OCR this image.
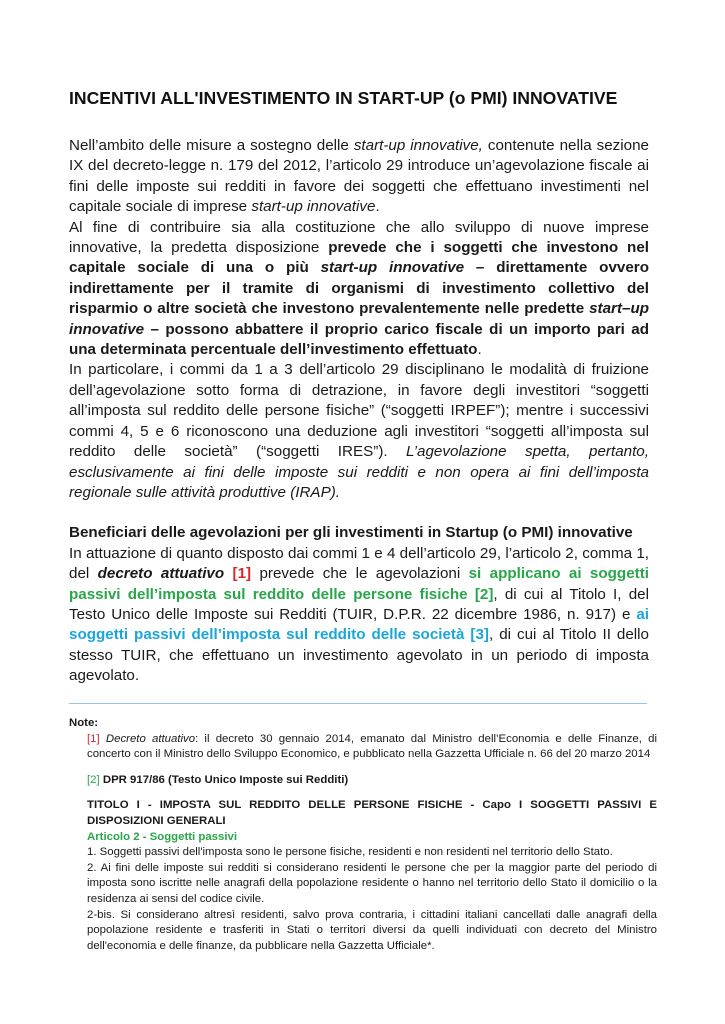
INCENTIVI ALL'INVESTIMENTO IN START-UP (o PMI) INNOVATIVE

Nell’ambito delle misure a sostegno delle start-up innovative, contenute nella sezione IX del decreto-legge n. 179 del 2012, l’articolo 29 introduce un’agevolazione fiscale ai fini delle imposte sui redditi in favore dei soggetti che effettuano investimenti nel capitale sociale di imprese start-up innovative.

Al fine di contribuire sia alla costituzione che allo sviluppo di nuove imprese innovative, la predetta disposizione prevede che i soggetti che investono nel capitale sociale di una o più start-up innovative – direttamente ovvero indirettamente per il tramite di organismi di investimento collettivo del risparmio o altre società che investono prevalentemente nelle predette start–up innovative – possono abbattere il proprio carico fiscale di un importo pari ad una determinata percentuale dell’investimento effettuato.

In particolare, i commi da 1 a 3 dell’articolo 29 disciplinano le modalità di fruizione dell’agevolazione sotto forma di detrazione, in favore degli investitori “soggetti all’imposta sul reddito delle persone fisiche” (“soggetti IRPEF”); mentre i successivi commi 4, 5 e 6 riconoscono una deduzione agli investitori “soggetti all’imposta sul reddito delle società” (“soggetti IRES”). L’agevolazione spetta, pertanto, esclusivamente ai fini delle imposte sui redditi e non opera ai fini dell’imposta regionale sulle attività produttive (IRAP).

Beneficiari delle agevolazioni per gli investimenti in Startup (o PMI) innovative

In attuazione di quanto disposto dai commi 1 e 4 dell’articolo 29, l’articolo 2, comma 1, del decreto attuativo [1] prevede che le agevolazioni si applicano ai soggetti passivi dell’imposta sul reddito delle persone fisiche [2], di cui al Titolo I, del Testo Unico delle Imposte sui Redditi (TUIR, D.P.R. 22 dicembre 1986, n. 917) e ai soggetti passivi dell’imposta sul reddito delle società [3], di cui al Titolo II dello stesso TUIR, che effettuano un investimento agevolato in un periodo di imposta agevolato.

Note:

[1] Decreto attuativo: il decreto 30 gennaio 2014, emanato dal Ministro dell’Economia e delle Finanze, di concerto con il Ministro dello Sviluppo Economico, e pubblicato nella Gazzetta Ufficiale n. 66 del 20 marzo 2014

[2] DPR 917/86 (Testo Unico Imposte sui Redditi)

TITOLO I - IMPOSTA SUL REDDITO DELLE PERSONE FISICHE - Capo I SOGGETTI PASSIVI E DISPOSIZIONI GENERALI

Articolo 2 - Soggetti passivi

1. Soggetti passivi dell'imposta sono le persone fisiche, residenti e non residenti nel territorio dello Stato.

2. Ai fini delle imposte sui redditi si considerano residenti le persone che per la maggior parte del periodo di imposta sono iscritte nelle anagrafi della popolazione residente o hanno nel territorio dello Stato il domicilio o la residenza ai sensi del codice civile.

2-bis. Si considerano altresì residenti, salvo prova contraria, i cittadini italiani cancellati dalle anagrafi della popolazione residente e trasferiti in Stati o territori diversi da quelli individuati con decreto del Ministro dell'economia e delle finanze, da pubblicare nella Gazzetta Ufficiale*.
